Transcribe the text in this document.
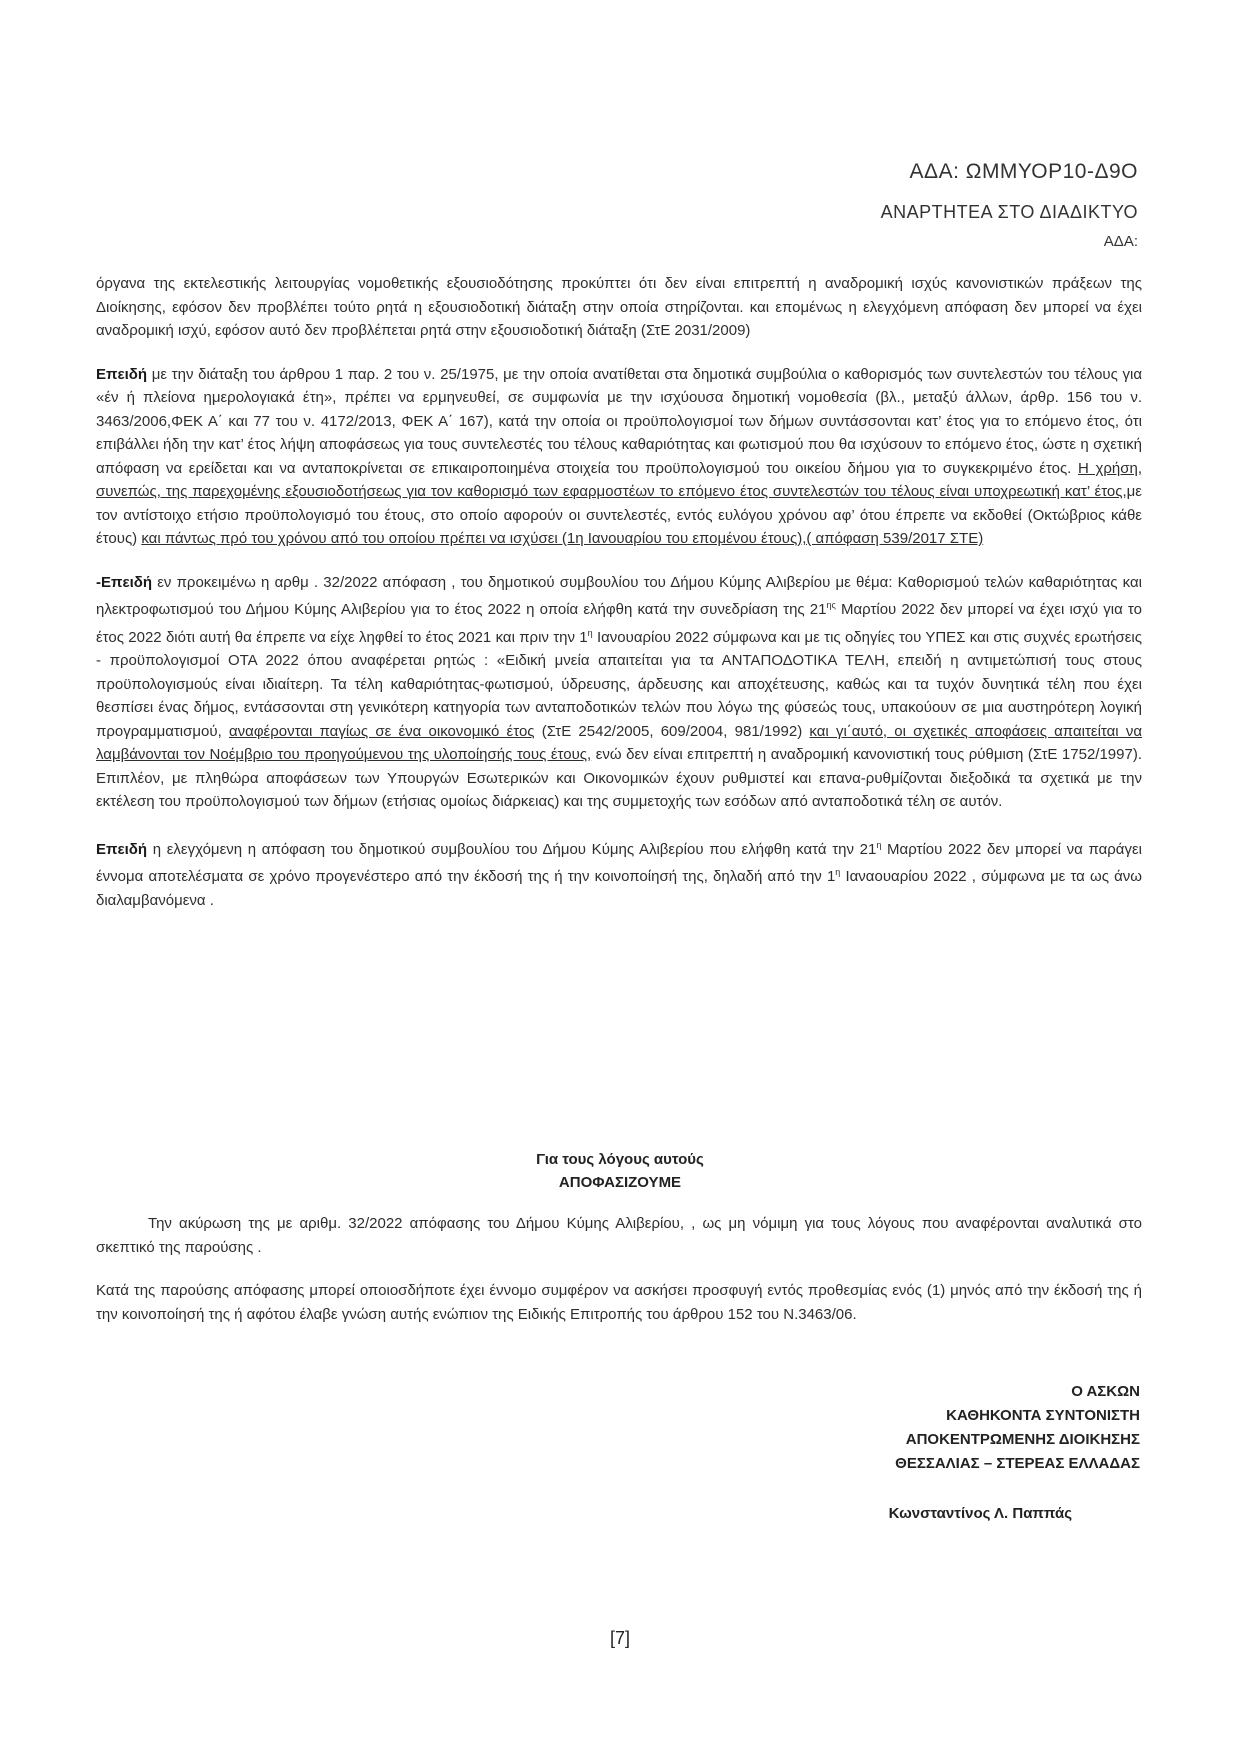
ΑΔΑ: ΩΜΜΥΟΡ10-Δ9Ο
ΑΝΑΡΤΗΤΕΑ ΣΤΟ ΔΙΑΔΙΚΤΥΟ
ΑΔΑ:

όργανα της εκτελεστικής λειτουργίας νομοθετικής εξουσιοδότησης προκύπτει ότι δεν είναι επιτρεπτή η αναδρομική ισχύς κανονιστικών πράξεων της Διοίκησης, εφόσον δεν προβλέπει τούτο ρητά η εξουσιοδοτική διάταξη στην οποία στηρίζονται. και επομένως η ελεγχόμενη απόφαση δεν μπορεί να έχει αναδρομική ισχύ, εφόσον αυτό δεν προβλέπεται ρητά στην εξουσιοδοτική διάταξη (ΣτΕ 2031/2009)

Επειδή με την διάταξη του άρθρου 1 παρ. 2 του ν. 25/1975, με την οποία ανατίθεται στα δημοτικά συμβούλια ο καθορισμός των συντελεστών του τέλους για «έν ή πλείονα ημερολογιακά έτη», πρέπει να ερμηνευθεί, σε συμφωνία με την ισχύουσα δημοτική νομοθεσία (βλ., μεταξύ άλλων, άρθρ. 156 του ν. 3463/2006,ΦΕΚ Α΄ και 77 του ν. 4172/2013, ΦΕΚ Α΄ 167), κατά την οποία οι προϋπολογισμοί των δήμων συντάσσονται κατ’ έτος για το επόμενο έτος, ότι επιβάλλει ήδη την κατ’ έτος λήψη αποφάσεως για τους συντελεστές του τέλους καθαριότητας και φωτισμού που θα ισχύσουν το επόμενο έτος, ώστε η σχετική απόφαση να ερείδεται και να ανταποκρίνεται σε επικαιροποιημένα στοιχεία του προϋπολογισμού του οικείου δήμου για το συγκεκριμένο έτος. Η χρήση, συνεπώς, της παρεχομένης εξουσιοδοτήσεως για τον καθορισμό των εφαρμοστέων το επόμενο έτος συντελεστών του τέλους είναι υποχρεωτική κατ’ έτος,με τον αντίστοιχο ετήσιο προϋπολογισμό του έτους, στο οποίο αφορούν οι συντελεστές, εντός ευλόγου χρόνου αφ’ ότου έπρεπε να εκδοθεί (Οκτώβριος κάθε έτους) και πάντως πρό του χρόνου από του οποίου πρέπει να ισχύσει (1η Ιανουαρίου του επομένου έτους),( απόφαση 539/2017 ΣΤΕ)

-Επειδή εν προκειμένω η αρθμ . 32/2022 απόφαση , του δημοτικού συμβουλίου του Δήμου Κύμης Αλιβερίου με θέμα: Καθορισμού τελών καθαριότητας και ηλεκτροφωτισμού του Δήμου Κύμης Αλιβερίου για το έτος 2022 η οποία ελήφθη κατά την συνεδρίαση της $21^{\eta\varsigma}$ Μαρτίου 2022 δεν μπορεί να έχει ισχύ για το έτος 2022 διότι αυτή θα έπρεπε να είχε ληφθεί το έτος 2021 και πριν την $1^\eta$ Ιανουαρίου 2022 σύμφωνα και με τις οδηγίες του ΥΠΕΣ και στις συχνές ερωτήσεις - προϋπολογισμοί ΟΤΑ 2022 όπου αναφέρεται ρητώς : «Ειδική μνεία απαιτείται για τα ΑΝΤΑΠΟΔΟΤΙΚΑ ΤΕΛΗ, επειδή η αντιμετώπισή τους στους προϋπολογισμούς είναι ιδιαίτερη. Τα τέλη καθαριότητας-φωτισμού, ύδρευσης, άρδευσης και αποχέτευσης, καθώς και τα τυχόν δυνητικά τέλη που έχει θεσπίσει ένας δήμος, εντάσσονται στη γενικότερη κατηγορία των ανταποδοτικών τελών που λόγω της φύσεώς τους, υπακούουν σε μια αυστηρότερη λογική προγραμματισμού, αναφέρονται παγίως σε ένα οικονομικό έτος (ΣτΕ 2542/2005, 609/2004, 981/1992) και γι΄αυτό, οι σχετικές αποφάσεις απαιτείται να λαμβάνονται τον Νοέμβριο του προηγούμενου της υλοποίησής τους έτους, ενώ δεν είναι επιτρεπτή η αναδρομική κανονιστική τους ρύθμιση (ΣτΕ 1752/1997). Επιπλέον, με πληθώρα αποφάσεων των Υπουργών Εσωτερικών και Οικονομικών έχουν ρυθμιστεί και επανα-ρυθμίζονται διεξοδικά τα σχετικά με την εκτέλεση του προϋπολογισμού των δήμων (ετήσιας ομοίως διάρκειας) και της συμμετοχής των εσόδων από ανταποδοτικά τέλη σε αυτόν.

Επειδή η ελεγχόμενη η απόφαση του δημοτικού συμβουλίου του Δήμου Κύμης Αλιβερίου που ελήφθη κατά την $21^\eta$ Μαρτίου 2022 δεν μπορεί να παράγει έννομα αποτελέσματα σε χρόνο προγενέστερο από την έκδοσή της ή την κοινοποίησή της, δηλαδή από την $1^\eta$ Ιαναουαρίου 2022 , σύμφωνα με τα ως άνω διαλαμβανόμενα .

Για τους λόγους αυτούς
ΑΠΟΦΑΣΙΖΟΥΜΕ

Την ακύρωση της με αριθμ. 32/2022 απόφασης του Δήμου Κύμης Αλιβερίου, , ως μη νόμιμη για τους λόγους που αναφέρονται αναλυτικά στο σκεπτικό της παρούσης .

Κατά της παρούσης απόφασης μπορεί οποιοσδήποτε έχει έννομο συμφέρον να ασκήσει προσφυγή εντός προθεσμίας ενός (1) μηνός από την έκδοσή της ή την κοινοποίησή της ή αφότου έλαβε γνώση αυτής ενώπιον της Ειδικής Επιτροπής του άρθρου 152 του Ν.3463/06.

Ο ΑΣΚΩΝ
ΚΑΘΗΚΟΝΤΑ ΣΥΝΤΟΝΙΣΤΗ
ΑΠΟΚΕΝΤΡΩΜΕΝΗΣ ΔΙΟΙΚΗΣΗΣ
ΘΕΣΣΑΛΙΑΣ – ΣΤΕΡΕΑΣ ΕΛΛΑΔΑΣ
Κωνσταντίνος Λ. Παππάς
[7]
